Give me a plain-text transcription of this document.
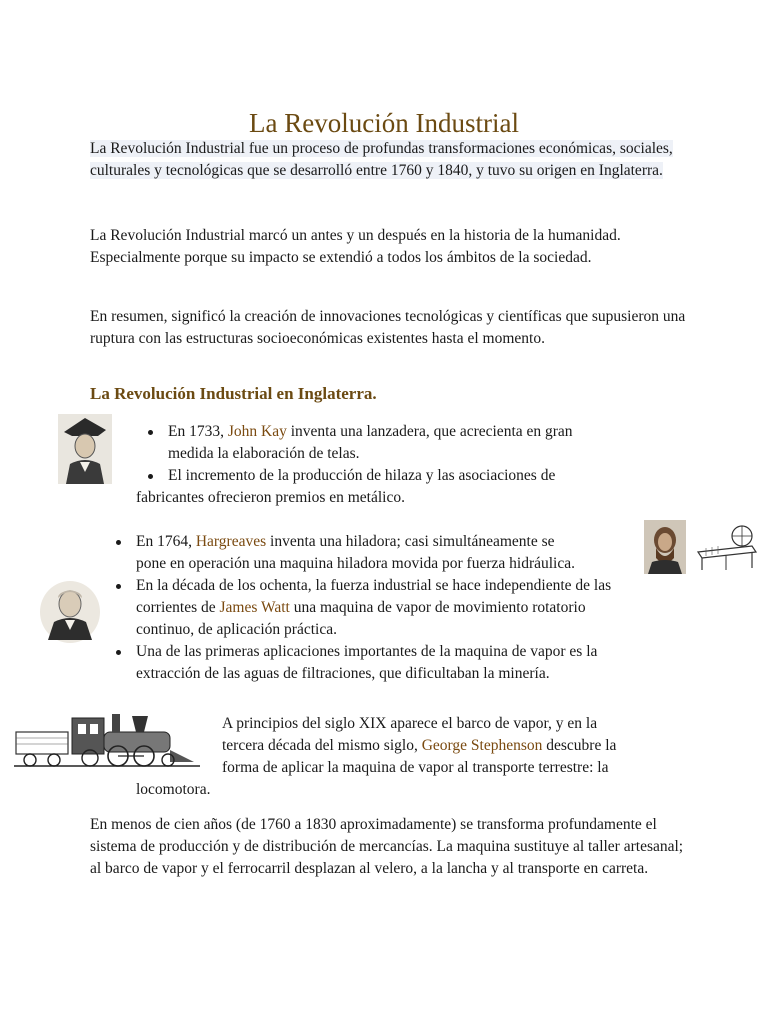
La Revolución Industrial

La Revolución Industrial fue un proceso de profundas transformaciones económicas, sociales, culturales y tecnológicas que se desarrolló entre 1760 y 1840, y tuvo su origen en Inglaterra.

La Revolución Industrial marcó un antes y un después en la historia de la humanidad. Especialmente porque su impacto se extendió a todos los ámbitos de la sociedad.

En resumen, significó la creación de innovaciones tecnológicas y científicas que supusieron una ruptura con las estructuras socioeconómicas existentes hasta el momento.

La Revolución Industrial en Inglaterra.
En 1733, John Kay inventa una lanzadera, que acrecienta en gran
medida la elaboración de telas.
El incremento de la producción de hilaza y las asociaciones de
fabricantes ofrecieron premios en metálico.
En 1764, Hargreaves inventa una hiladora; casi simultáneamente se
pone en operación una maquina hiladora movida por fuerza hidráulica.
En la década de los ochenta, la fuerza industrial se hace independiente de las
corrientes de James Watt una maquina de vapor de movimiento rotatorio
continuo, de aplicación práctica.
Una de las primeras aplicaciones importantes de la maquina de vapor es la
extracción de las aguas de filtraciones, que dificultaban la minería.
A principios del siglo XIX aparece el barco de vapor, y en la
tercera década del mismo siglo, George Stephenson descubre la
forma de aplicar la maquina de vapor al transporte terrestre: la
locomotora.

En menos de cien años (de 1760 a 1830 aproximadamente) se transforma profundamente el sistema de producción y de distribución de mercancías. La maquina sustituye al taller artesanal; al barco de vapor y el ferrocarril desplazan al velero, a la lancha y al transporte en carreta.
